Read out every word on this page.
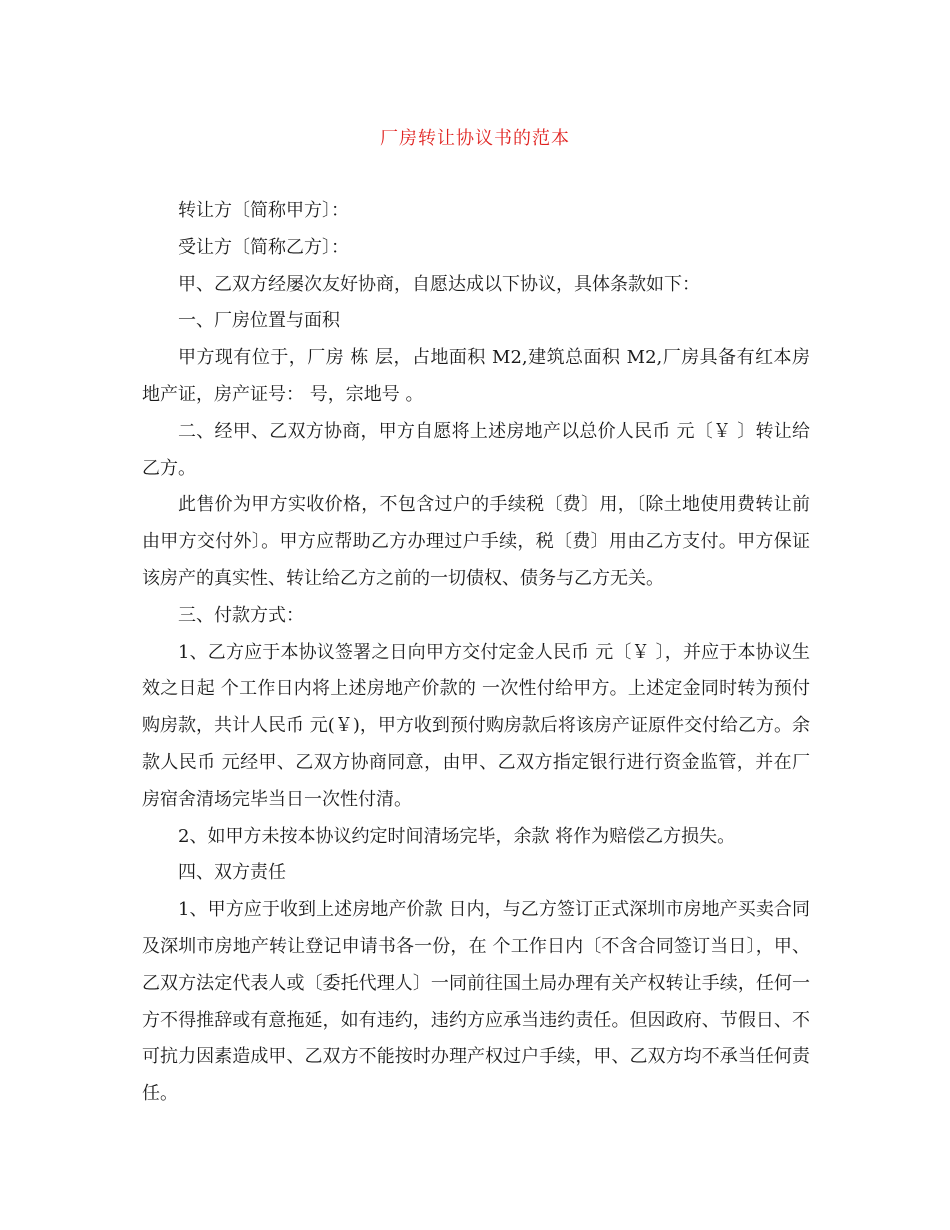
厂房转让协议书的范本

转让方〔简称甲方〕：

受让方〔简称乙方〕：

甲、乙双方经屡次友好协商，自愿达成以下协议，具体条款如下：

一、厂房位置与面积

甲方现有位于，厂房 栋 层，占地面积 M2,建筑总面积 M2,厂房具备有红本房地产证，房产证号： 号，宗地号 。

二、经甲、乙双方协商，甲方自愿将上述房地产以总价人民币 元〔￥ 〕转让给乙方。

此售价为甲方实收价格，不包含过户的手续税〔费〕用，〔除土地使用费转让前由甲方交付外〕。甲方应帮助乙方办理过户手续，税〔费〕用由乙方支付。甲方保证该房产的真实性、转让给乙方之前的一切债权、债务与乙方无关。

三、付款方式：

1、乙方应于本协议签署之日向甲方交付定金人民币 元〔￥ 〕，并应于本协议生效之日起 个工作日内将上述房地产价款的 一次性付给甲方。上述定金同时转为预付购房款，共计人民币 元(￥)，甲方收到预付购房款后将该房产证原件交付给乙方。余款人民币 元经甲、乙双方协商同意，由甲、乙双方指定银行进行资金监管，并在厂房宿舍清场完毕当日一次性付清。

2、如甲方未按本协议约定时间清场完毕，余款 将作为赔偿乙方损失。

四、双方责任

1、甲方应于收到上述房地产价款 日内，与乙方签订正式深圳市房地产买卖合同及深圳市房地产转让登记申请书各一份，在 个工作日内〔不含合同签订当日〕，甲、乙双方法定代表人或〔委托代理人〕一同前往国土局办理有关产权转让手续，任何一方不得推辞或有意拖延，如有违约，违约方应承当违约责任。但因政府、节假日、不可抗力因素造成甲、乙双方不能按时办理产权过户手续，甲、乙双方均不承当任何责任。
